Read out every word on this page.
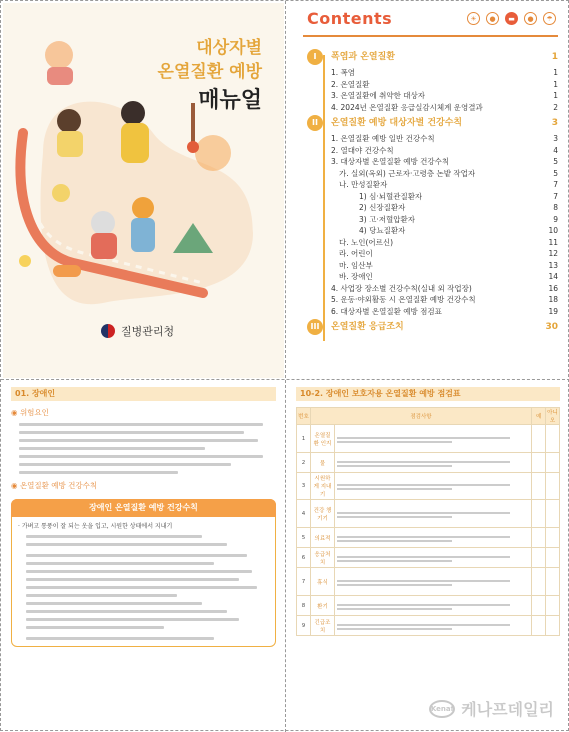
대상자별
온열질환 예방
매뉴얼
질병관리청
Contents	☀	●	▬	●	☂
I	폭염과 온열질환	1
1. 폭염	1
2. 온열질환	1
3. 온열질환에 취약한 대상자	1
4. 2024년 온열질환 응급실감시체계 운영결과	2
II	온열질환 예방 대상자별 건강수칙	3
1. 온열질환 예방 일반 건강수칙	3
2. 열대야 건강수칙	4
3. 대상자별 온열질환 예방 건강수칙	5
가. 실외(옥외) 근로자·고령층 논밭 작업자	5
나. 만성질환자	7
1) 심·뇌혈관질환자	7
2) 신장질환자	8
3) 고·저혈압환자	9
4) 당뇨질환자	10
다. 노인(어르신)	11
라. 어린이	12
마. 임산부	13
바. 장애인	14
4. 사업장 장소별 건강수칙(실내 외 작업장)	16
5. 운동·야외활동 시 온열질환 예방 건강수칙	18
6. 대상자별 온열질환 예방 점검표	19
III	온열질환 응급조치	30
01. 장애인
◉ 위험요인
◉ 온열질환 예방 건강수칙
장애인 온열질환 예방 건강수칙
· 가벼고 통풍이 잘 되는 옷을 입고, 시원한 상태에서 지내기
10-2. 장애인 보호자용 온열질환 예방 점검표
번호	점검사항		예	아니오
1	온열질환 인지	

2	물	

3	시원하게 지내기	

4	건강 챙기기	

5	의료적	

6	응급처치	

7	휴식	

8	환기	

9	긴급조치	

Kenaf 케나프데일리
